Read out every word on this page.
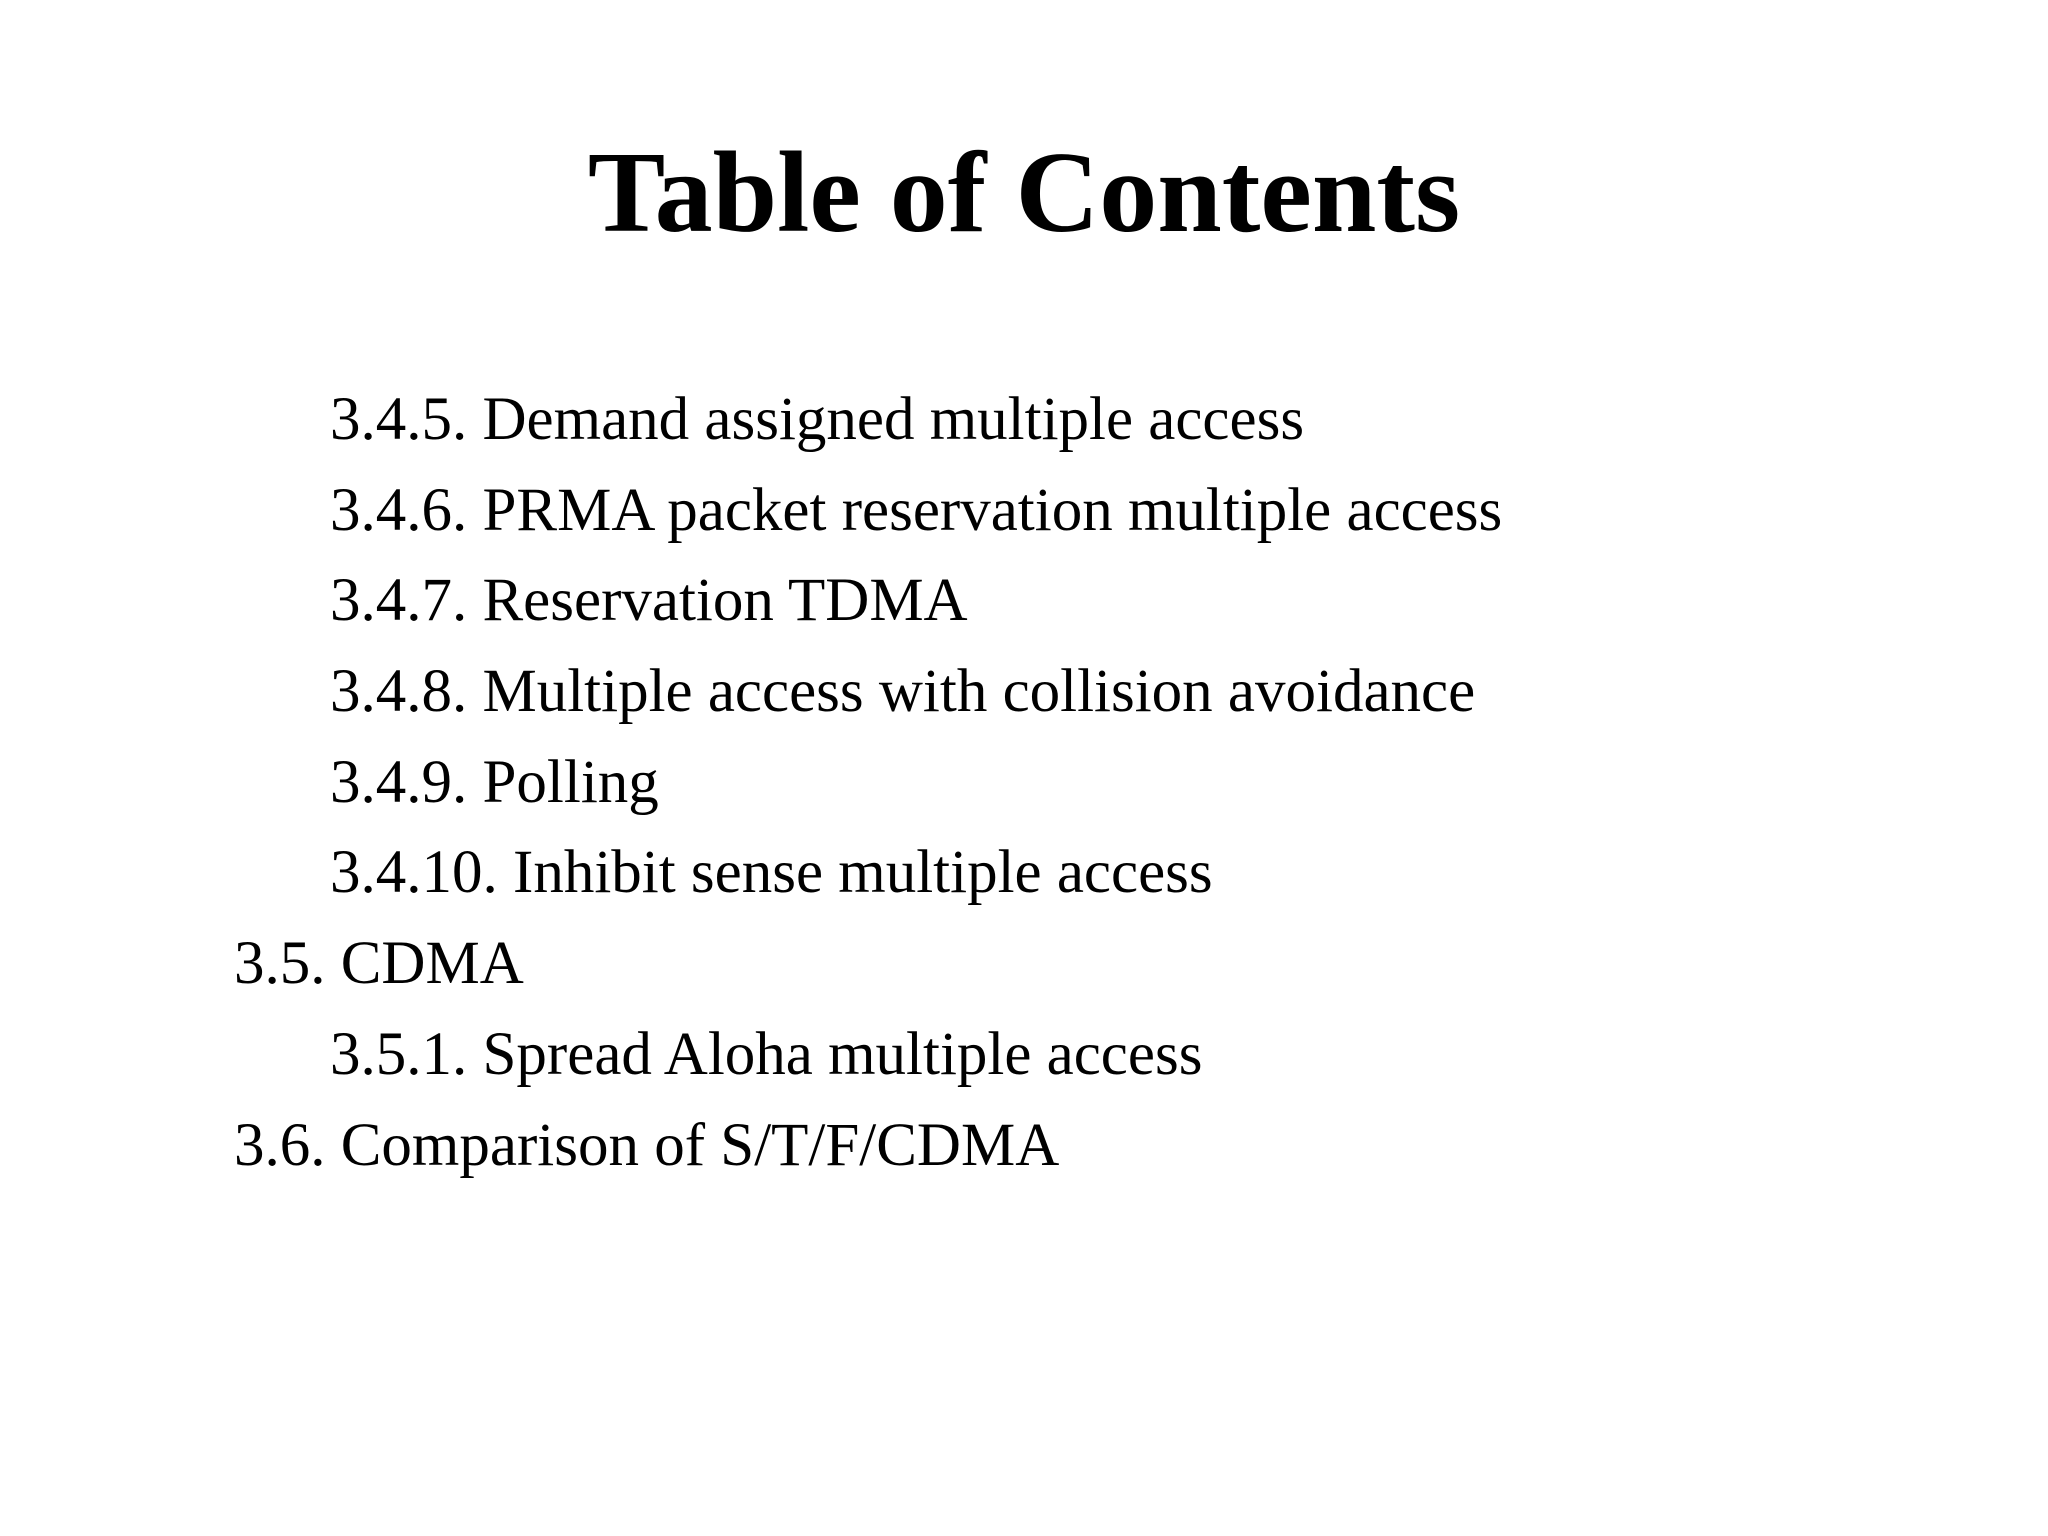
Table of Contents
3.4.5. Demand assigned multiple access
3.4.6. PRMA packet reservation multiple access
3.4.7. Reservation TDMA
3.4.8. Multiple access with collision avoidance
3.4.9. Polling
3.4.10. Inhibit sense multiple access
3.5. CDMA
3.5.1. Spread Aloha multiple access
3.6. Comparison of S/T/F/CDMA
